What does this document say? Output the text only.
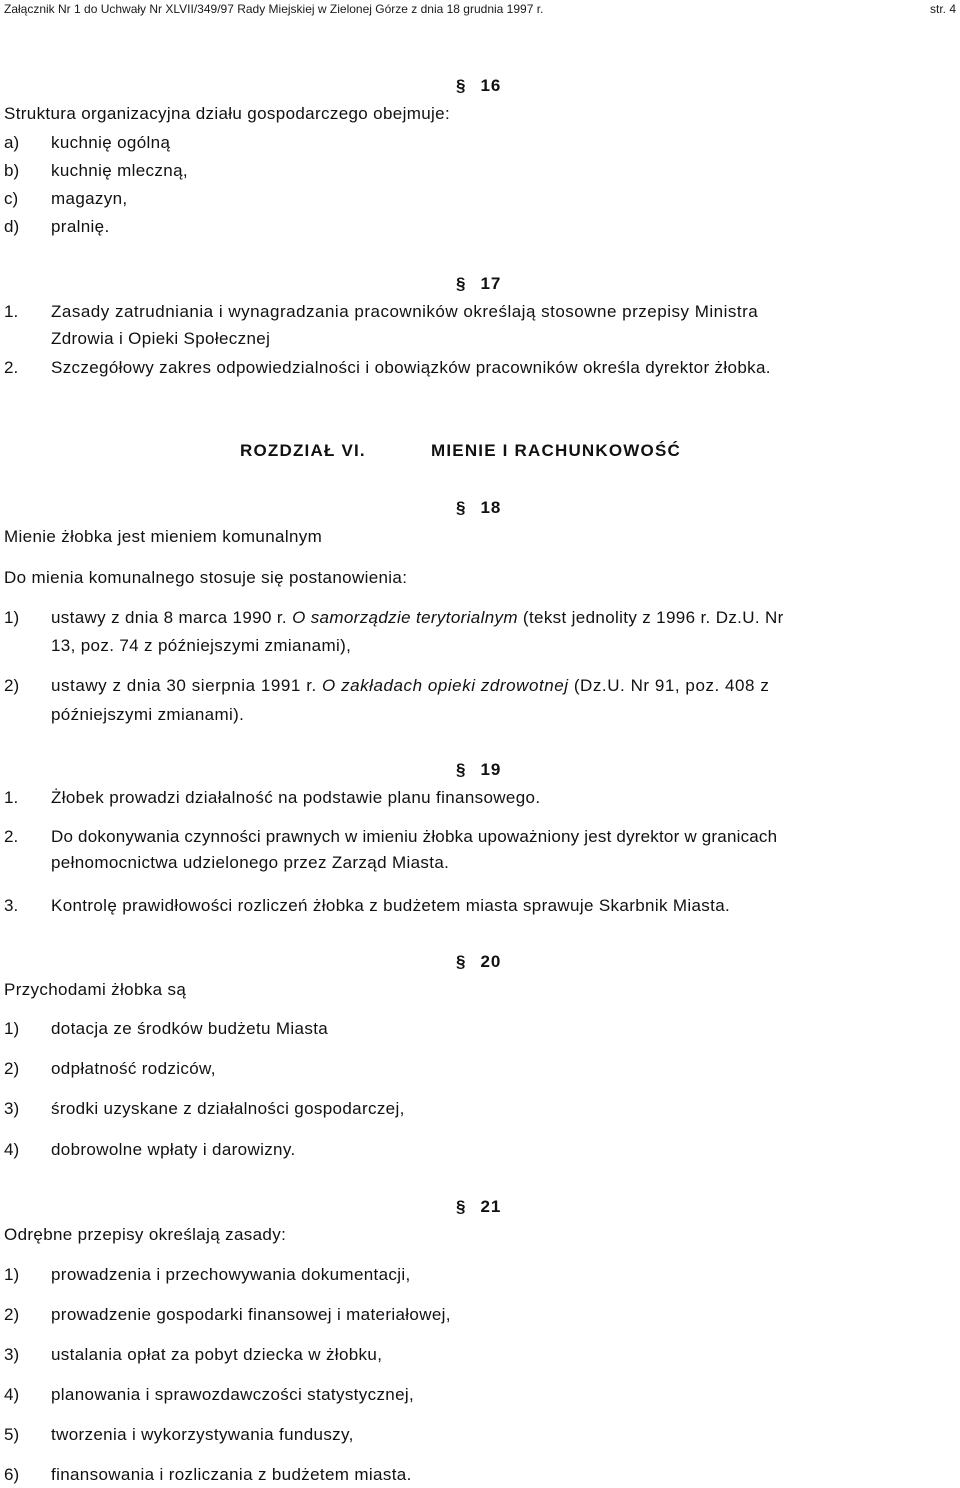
Załącznik Nr 1 do Uchwały Nr XLVII/349/97 Rady Miejskiej w Zielonej Górze z dnia 18 grudnia 1997 r.	str. 4
§ 16
Struktura organizacyjna działu gospodarczego obejmuje:
a) kuchnię ogólną
b) kuchnię mleczną,
c) magazyn,
d) pralnię.
§ 17
1. Zasady zatrudniania i wynagradzania pracowników określają stosowne przepisy Ministra
Zdrowia i Opieki Społecznej
2. Szczegółowy zakres odpowiedzialności i obowiązków pracowników określa dyrektor żłobka.
ROZDZIAŁ VI.	MIENIE I RACHUNKOWOŚĆ
§ 18
Mienie żłobka jest mieniem komunalnym
Do mienia komunalnego stosuje się postanowienia:
1) ustawy z dnia 8 marca 1990 r. O samorządzie terytorialnym (tekst jednolity z 1996 r. Dz.U. Nr
13, poz. 74 z późniejszymi zmianami),
2) ustawy z dnia 30 sierpnia 1991 r. O zakładach opieki zdrowotnej (Dz.U. Nr 91, poz. 408 z
późniejszymi zmianami).
§ 19
1. Żłobek prowadzi działalność na podstawie planu finansowego.
2. Do dokonywania czynności prawnych w imieniu żłobka upoważniony jest dyrektor w granicach
pełnomocnictwa udzielonego przez Zarząd Miasta.
3. Kontrolę prawidłowości rozliczeń żłobka z budżetem miasta sprawuje Skarbnik Miasta.
§ 20
Przychodami żłobka są
1) dotacja ze środków budżetu Miasta
2) odpłatność rodziców,
3) środki uzyskane z działalności gospodarczej,
4) dobrowolne wpłaty i darowizny.
§ 21
Odrębne przepisy określają zasady:
1) prowadzenia i przechowywania dokumentacji,
2) prowadzenie gospodarki finansowej i materiałowej,
3) ustalania opłat za pobyt dziecka w żłobku,
4) planowania i sprawozdawczości statystycznej,
5) tworzenia i wykorzystywania funduszy,
6) finansowania i rozliczania z budżetem miasta.
